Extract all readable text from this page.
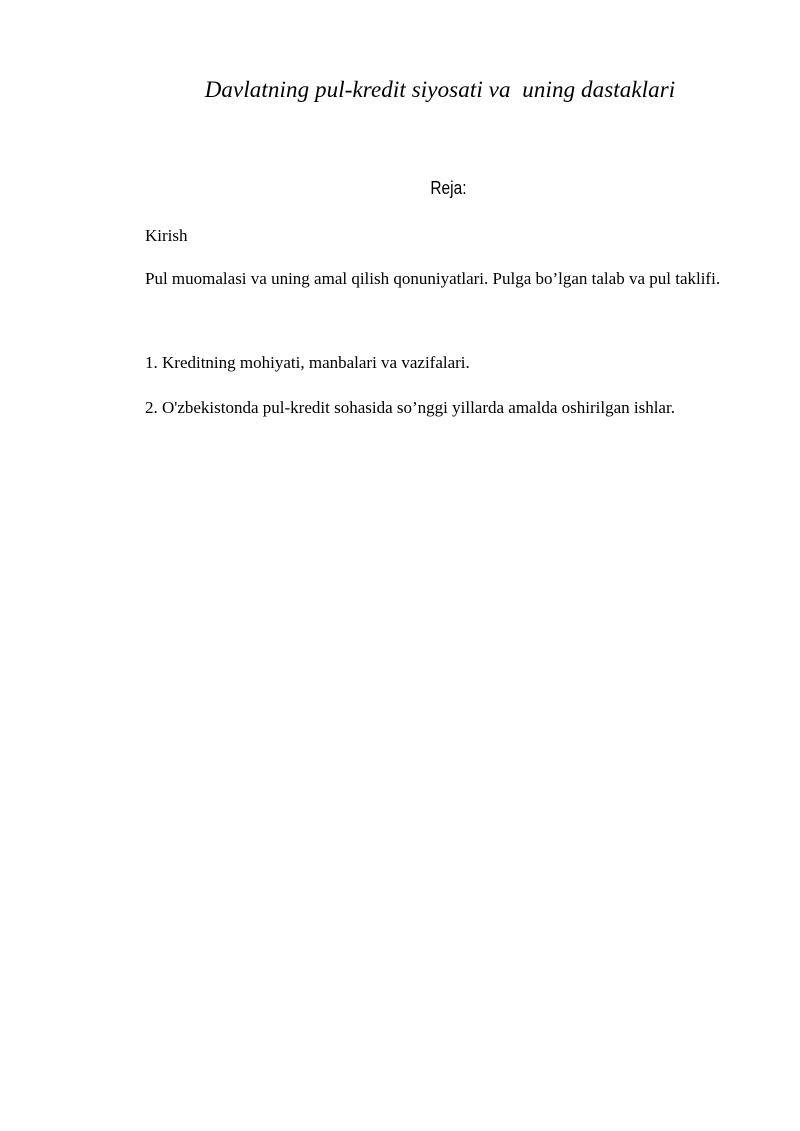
Davlatning pul-kredit siyosati va  uning dastaklari
Reja:
Kirish
Pul muomalasi va uning amal qilish qonuniyatlari. Pulga bo’lgan talab va pul taklifi.
1. Kreditning mohiyati, manbalari va vazifalari.
2. O'zbekistonda pul-kredit sohasida so’nggi yillarda amalda oshirilgan ishlar.
